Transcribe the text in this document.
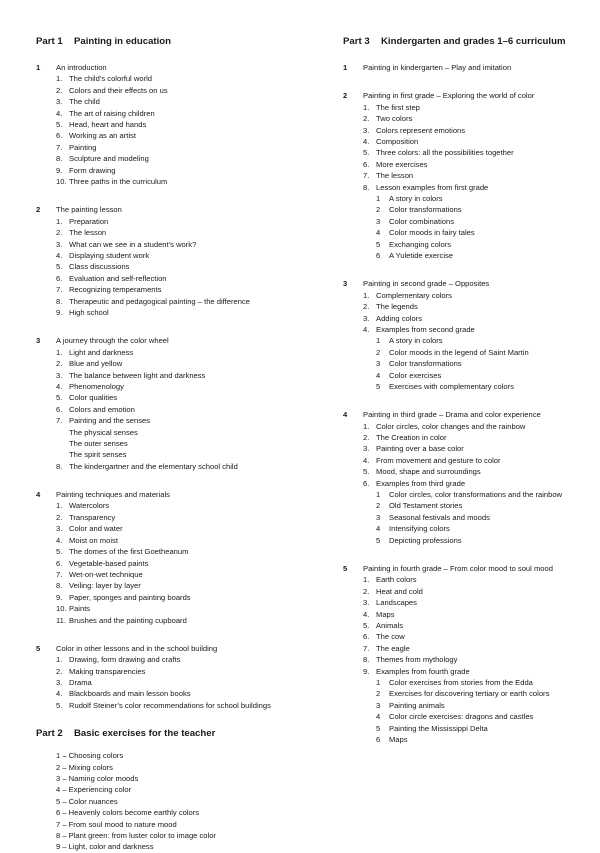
Part 1	Painting in education
1	An introduction
1. The child’s colorful world
2. Colors and their effects on us
3. The child
4. The art of raising children
5. Head, heart and hands
6. Working as an artist
7. Painting
8. Sculpture and modeling
9. Form drawing
10. Three paths in the curriculum
2	The painting lesson
1. Preparation
2. The lesson
3. What can we see in a student’s work?
4. Displaying student work
5. Class discussions
6. Evaluation and self-reflection
7. Recognizing temperaments
8. Therapeutic and pedagogical painting – the difference
9. High school
3	A journey through the color wheel
1. Light and darkness
2. Blue and yellow
3. The balance between light and darkness
4. Phenomenology
5. Color qualities
6. Colors and emotion
7. Painting and the senses
The physical senses
The outer senses
The spirit senses
8. The kindergartner and the elementary school child
4	Painting techniques and materials
1. Watercolors
2. Transparency
3. Color and water
4. Moist on moist
5. The domes of the first Goetheanum
6. Vegetable-based paints
7. Wet-on-wet technique
8. Veiling: layer by layer
9. Paper, sponges and painting boards
10. Paints
11. Brushes and the painting cupboard
5	Color in other lessons and in the school building
1. Drawing, form drawing and crafts
2. Making transparencies
3. Drama
4. Blackboards and main lesson books
5. Rudolf Steiner’s color recommendations for school buildings
Part 2	Basic exercises for the teacher
1 – Choosing colors
2 – Mixing colors
3 – Naming color moods
4 – Experiencing color
5 – Color nuances
6 – Heavenly colors become earthly colors
7 – From soul mood to nature mood
8 – Plant green: from luster color to image color
9 – Light, color and darkness
Part 3	Kindergarten and grades 1–6 curriculum
1	Painting in kindergarten – Play and imitation
2	Painting in first grade – Exploring the world of color
1. The first step
2. Two colors
3. Colors represent emotions
4. Composition
5. Three colors: all the possibilities together
6. More exercises
7. The lesson
8. Lesson examples from first grade
1	A story in colors
2	Color transformations
3	Color combinations
4	Color moods in fairy tales
5	Exchanging colors
6	A Yuletide exercise
3	Painting in second grade – Opposites
1. Complementary colors
2. The legends
3. Adding colors
4. Examples from second grade
1	A story in colors
2	Color moods in the legend of Saint Martin
3	Color transformations
4	Color exercises
5	Exercises with complementary colors
4	Painting in third grade – Drama and color experience
1. Color circles, color changes and the rainbow
2. The Creation in color
3. Painting over a base color
4. From movement and gesture to color
5. Mood, shape and surroundings
6. Examples from third grade
1	Color circles, color transformations and the rainbow
2	Old Testament stories
3	Seasonal festivals and moods
4	Intensifying colors
5	Depicting professions
5	Painting in fourth grade – From color mood to soul mood
1. Earth colors
2. Heat and cold
3. Landscapes
4. Maps
5. Animals
6. The cow
7. The eagle
8. Themes from mythology
9. Examples from fourth grade
1	Color exercises from stories from the Edda
2	Exercises for discovering tertiary or earth colors
3	Painting animals
4	Color circle exercises: dragons and castles
5	Painting the Mississippi Delta
6	Maps
